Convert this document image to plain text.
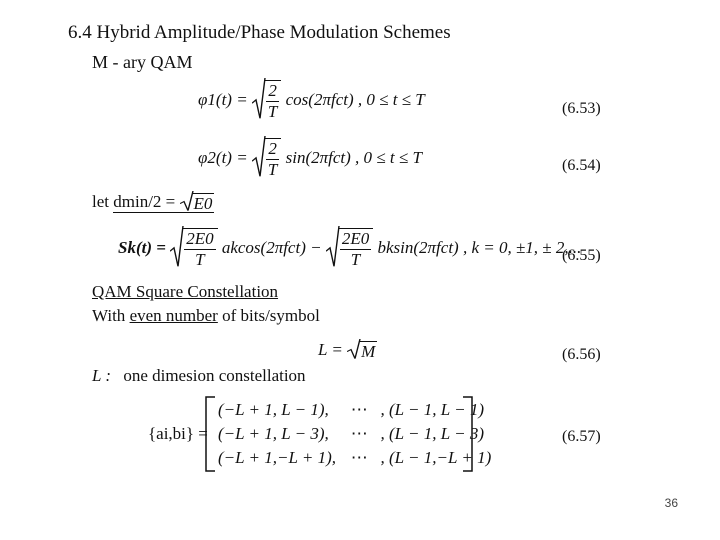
6.4 Hybrid Amplitude/Phase Modulation Schemes
M - ary QAM
$\varphi 1(t) = \frac{2}{T} \cos(2\pi fct)$ , 0 ≤ t ≤ T	(6.53)
$\varphi 2(t) = \frac{2}{T} \sin(2\pi fct)$ , 0 ≤ t ≤ T	(6.54)
let dmin/2 = E0
$Sk(t) = \frac{2E0}{T} akcos(2\pi fct) - \frac{2E0}{T} bksin(2\pi fct)$ , k = 0, ±1, ± 2,...
(6.55)
QAM Square Constellation
With even number of bits/symbol
L = M	(6.56)
L : one dimesion constellation
{ai,bi} =
(−L + 1, L − 1), ⋯ , (L − 1, L − 1)
(−L + 1, L − 3), ⋯ , (L − 1, L − 3)
(−L + 1,−L + 1), ⋯ , (L − 1,−L + 1)
(6.57)
36
